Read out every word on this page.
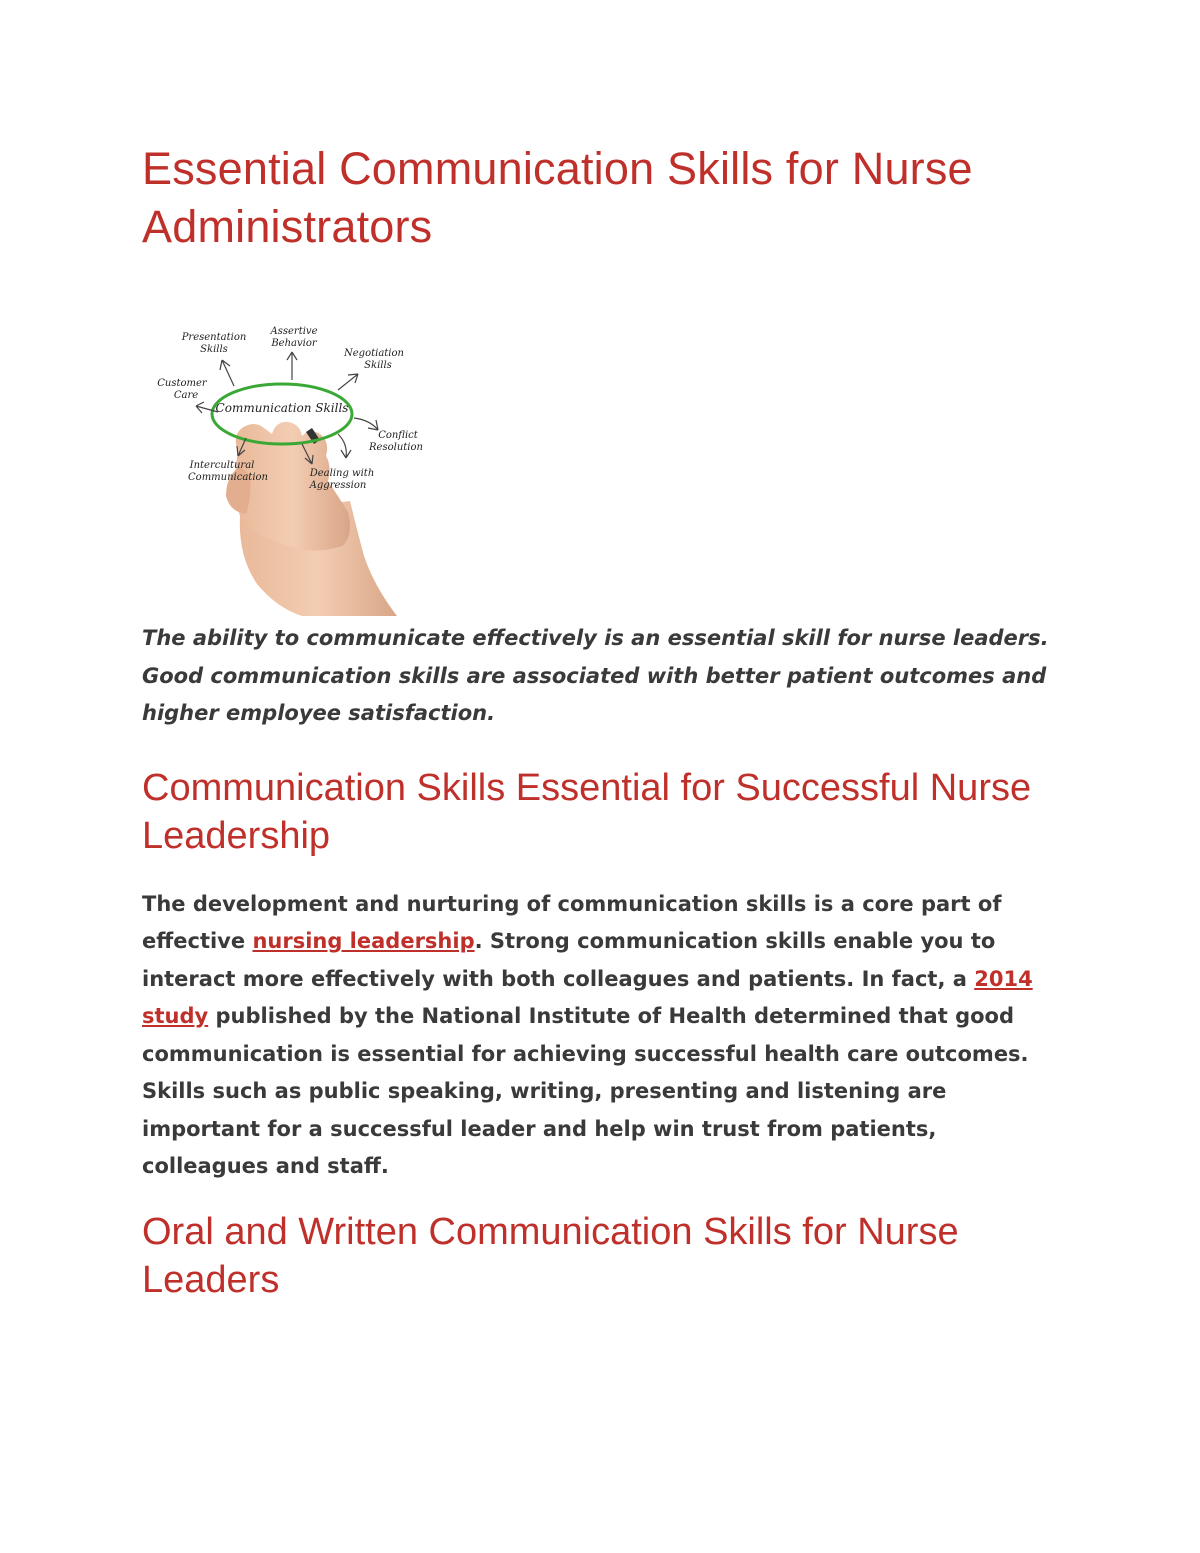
Essential Communication Skills for Nurse Administrators
Communication Skills
Presentation
Skills
Assertive
Behavior
Negotiation
Skills
Customer
Care
Conflict
Resolution
Intercultural
Communication	Dealing with
Aggression

The ability to communicate effectively is an essential skill for nurse leaders. Good communication skills are associated with better patient outcomes and higher employee satisfaction.

Communication Skills Essential for Successful Nurse Leadership

The development and nurturing of communication skills is a core part of effective nursing leadership. Strong communication skills enable you to interact more effectively with both colleagues and patients. In fact, a 2014 study published by the National Institute of Health determined that good communication is essential for achieving successful health care outcomes. Skills such as public speaking, writing, presenting and listening are important for a successful leader and help win trust from patients, colleagues and staff.

Oral and Written Communication Skills for Nurse Leaders
